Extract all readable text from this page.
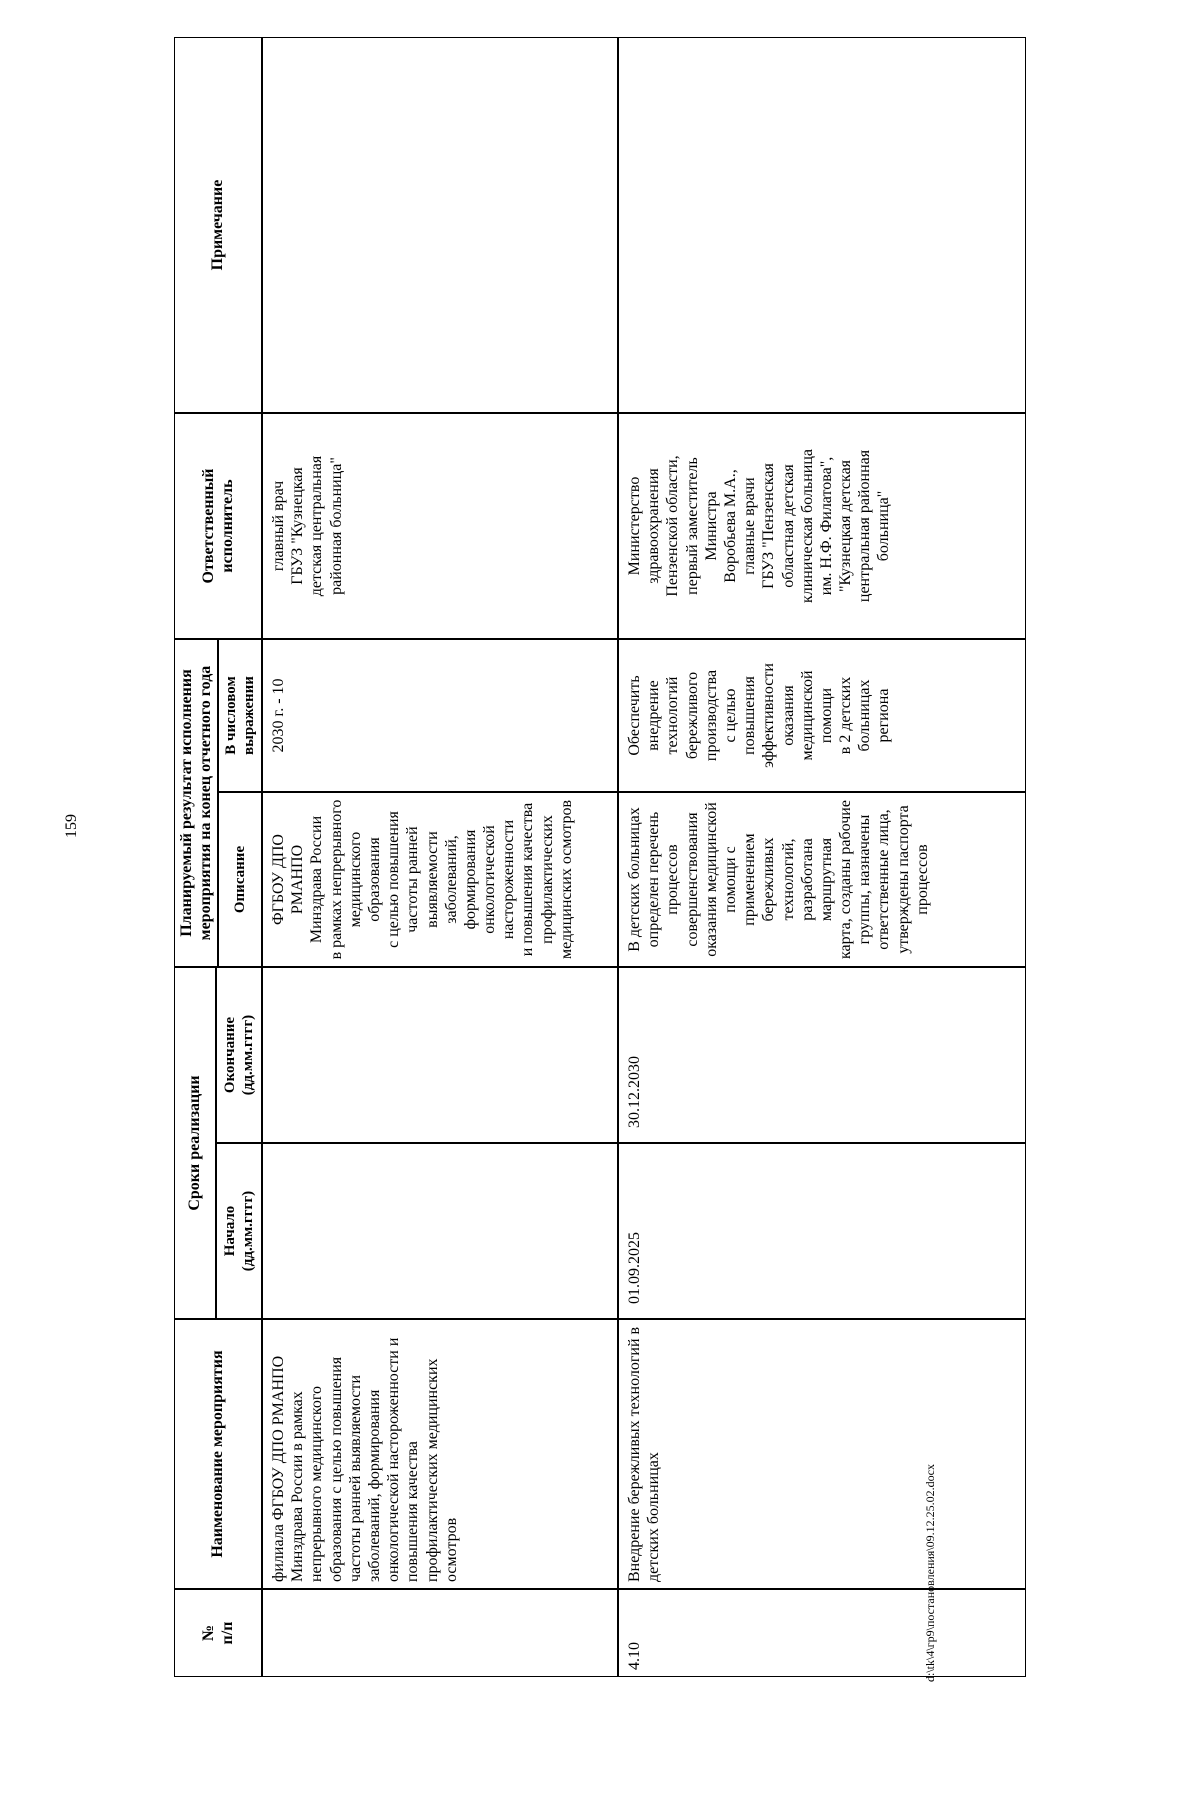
159
№
п/п
Наименование мероприятия
Сроки реализации
Начало
(дд.мм.гггг)
Окончание
(дд.мм.гггг)
Планируемый результат исполнения
мероприятия на конец отчетного года
Описание
В числовом
выражении
Ответственный
исполнитель
Примечание
филиала ФГБОУ ДПО РМАНПО Минздрава России в рамках непрерывного медицинского образования с целью повышения частоты ранней выявляемости заболеваний, формирования онкологической настороженности и повышения качества профилактических медицинских осмотров
ФГБОУ ДПО РМАНПО
Минздрава России
в рамках непрерывного
медицинского образования
с целью повышения
частоты ранней
выявляемости
заболеваний,
формирования
онкологической
настороженности
и повышения качества
профилактических
медицинских осмотров
2030 г. - 10
главный врач
ГБУЗ "Кузнецкая
детская центральная
районная больница"
4.10
Внедрение бережливых технологий в детских больницах
01.09.2025
30.12.2030
В детских больницах
определен перечень
процессов
совершенствования
оказания медицинской
помощи с применением
бережливых технологий,
разработана маршрутная
карта, созданы рабочие
группы, назначены
ответственные лица,
утверждены паспорта
процессов
Обеспечить
внедрение
технологий
бережливого
производства
с целью
повышения
эффективности
оказания
медицинской
помощи
в 2 детских
больницах
региона
Министерство
здравоохранения
Пензенской области,
первый заместитель
Министра
Воробьева М.А.,
главные врачи
ГБУЗ "Пензенская
областная детская
клиническая больница
им. Н.Ф. Филатова",
"Кузнецкая детская
центральная районная
больница"
d:\tk\4\гр9\постановления\09.12.25.02.docx
